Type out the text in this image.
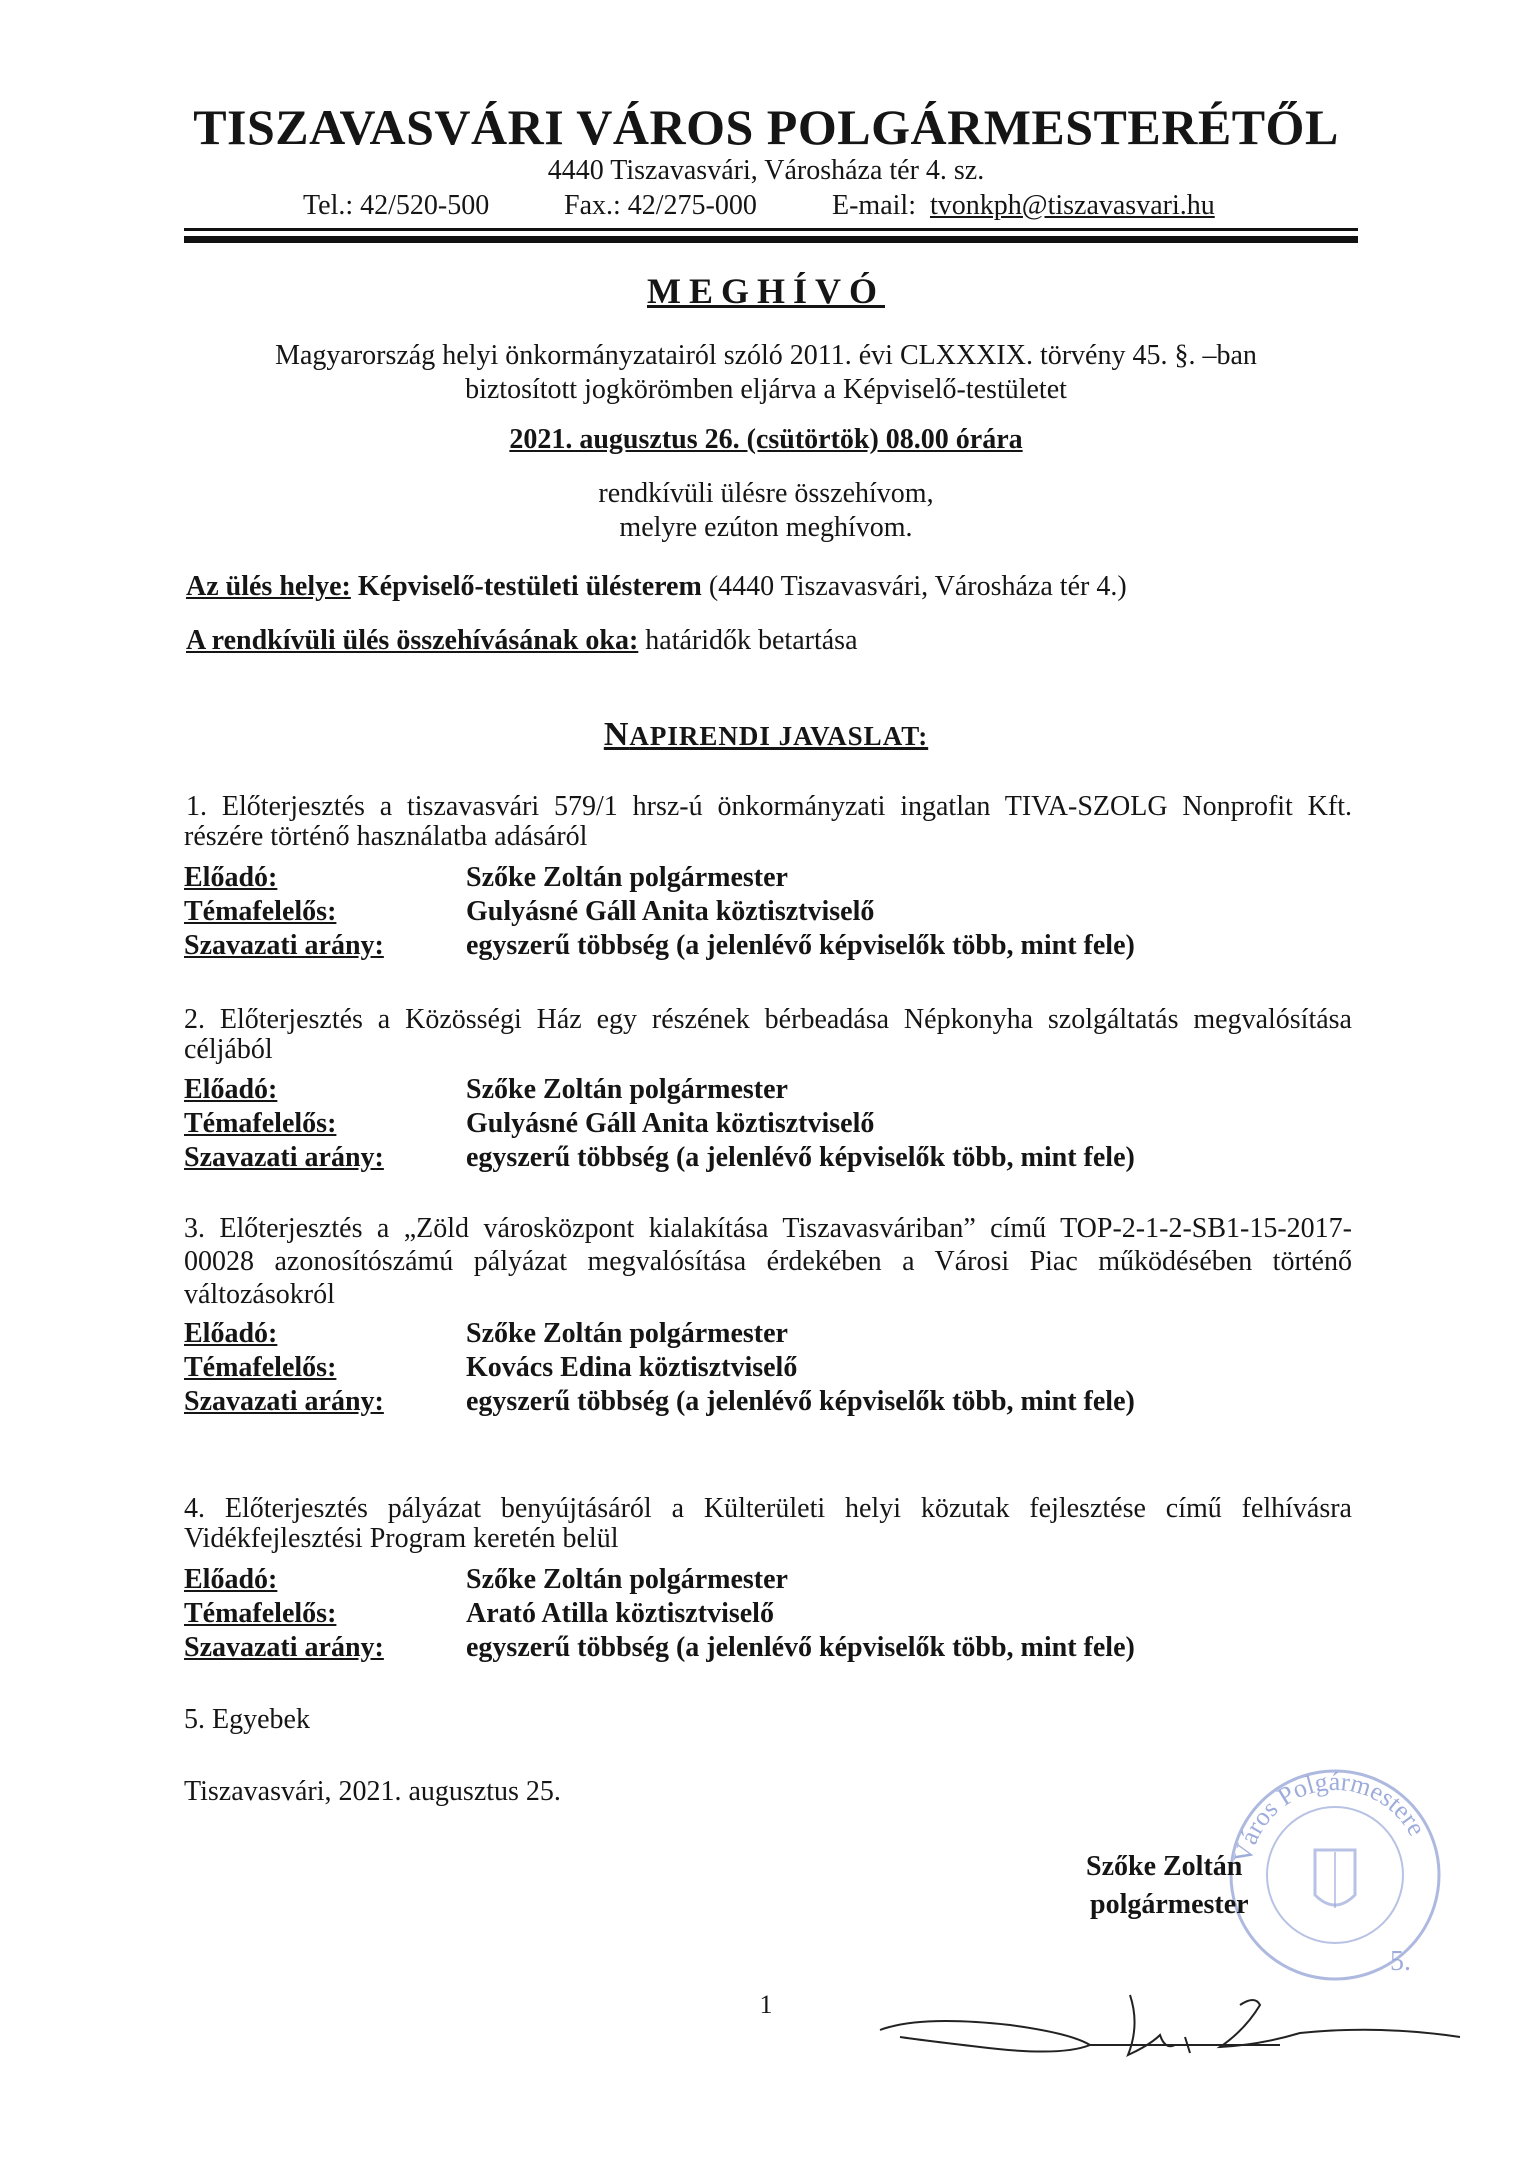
TISZAVASVÁRI VÁROS POLGÁRMESTERÉTŐL
4440 Tiszavasvári, Városháza tér 4. sz.
Tel.: 42/520-500	Fax.: 42/275-000	E-mail: tvonkph@tiszavasvari.hu
MEGHÍVÓ
Magyarország helyi önkormányzatairól szóló 2011. évi CLXXXIX. törvény 45. §. –ban
biztosított jogkörömben eljárva a Képviselő-testületet
2021. augusztus 26. (csütörtök) 08.00 órára
rendkívüli ülésre összehívom,
melyre ezúton meghívom.
Az ülés helye: Képviselő-testületi ülésterem (4440 Tiszavasvári, Városháza tér 4.)
A rendkívüli ülés összehívásának oka: határidők betartása
NAPIRENDI JAVASLAT:
1. Előterjesztés a tiszavasvári 579/1 hrsz-ú önkormányzati ingatlan TIVA-SZOLG Nonprofit Kft. részére történő használatba adásáról
Előadó:	Szőke Zoltán polgármester
Témafelelős:	Gulyásné Gáll Anita köztisztviselő
Szavazati arány:	egyszerű többség (a jelenlévő képviselők több, mint fele)
2. Előterjesztés a Közösségi Ház egy részének bérbeadása Népkonyha szolgáltatás megvalósítása céljából
Előadó:	Szőke Zoltán polgármester
Témafelelős:	Gulyásné Gáll Anita köztisztviselő
Szavazati arány:	egyszerű többség (a jelenlévő képviselők több, mint fele)
3. Előterjesztés a „Zöld városközpont kialakítása Tiszavasváriban” című TOP-2-1-2-SB1-15-2017-00028 azonosítószámú pályázat megvalósítása érdekében a Városi Piac működésében történő változásokról
Előadó:	Szőke Zoltán polgármester
Témafelelős:	Kovács Edina köztisztviselő
Szavazati arány:	egyszerű többség (a jelenlévő képviselők több, mint fele)
4. Előterjesztés pályázat benyújtásáról a Külterületi helyi közutak fejlesztése című felhívásra Vidékfejlesztési Program keretén belül
Előadó:	Szőke Zoltán polgármester
Témafelelős:	Arató Atilla köztisztviselő
Szavazati arány:	egyszerű többség (a jelenlévő képviselők több, mint fele)
5. Egyebek
Tiszavasvári, 2021. augusztus 25.
Város Polgármestere
5.
Szőke Zoltán
polgármester
1
